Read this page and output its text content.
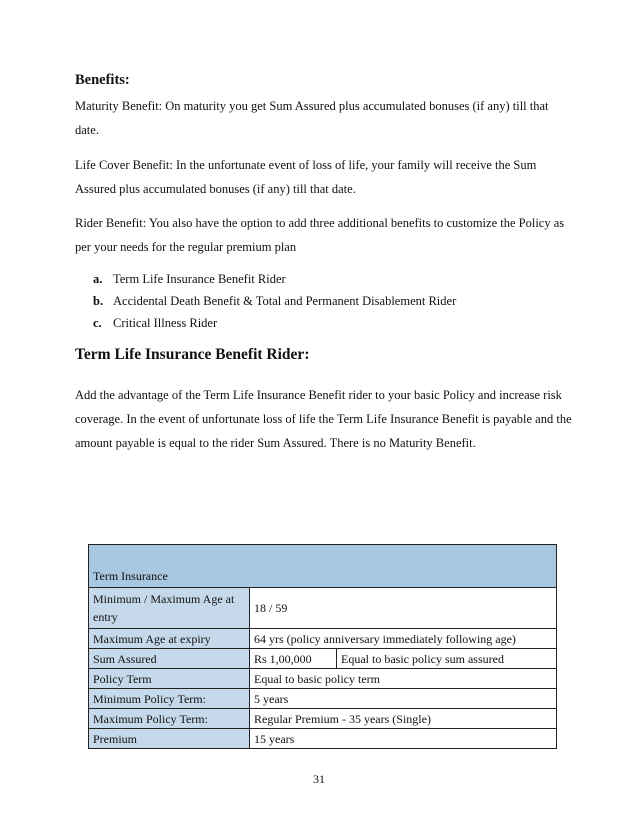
Benefits:

Maturity Benefit: On maturity you get Sum Assured plus accumulated bonuses (if any) till that date.

Life Cover Benefit: In the unfortunate event of loss of life, your family will receive the Sum Assured plus accumulated bonuses (if any) till that date.

Rider Benefit: You also have the option to add three additional benefits to customize the Policy as per your needs for the regular premium plan

a. Term Life Insurance Benefit Rider
b. Accidental Death Benefit & Total and Permanent Disablement Rider
c. Critical Illness Rider
Term Life Insurance Benefit Rider:

Add the advantage of the Term Life Insurance Benefit rider to your basic Policy and increase risk coverage. In the event of unfortunate loss of life the Term Life Insurance Benefit is payable and the amount payable is equal to the rider Sum Assured. There is no Maturity Benefit.

Term Insurance		
Minimum / Maximum Age at entry	18 / 59	
Maximum Age at expiry	64 yrs (policy anniversary immediately following age)	
Sum Assured	Rs 1,00,000	Equal to basic policy sum assured
Policy Term	Equal to basic policy term	
Minimum Policy Term:	5 years	
Maximum Policy Term:	Regular Premium - 35 years (Single)	
Premium	15 years	
31
